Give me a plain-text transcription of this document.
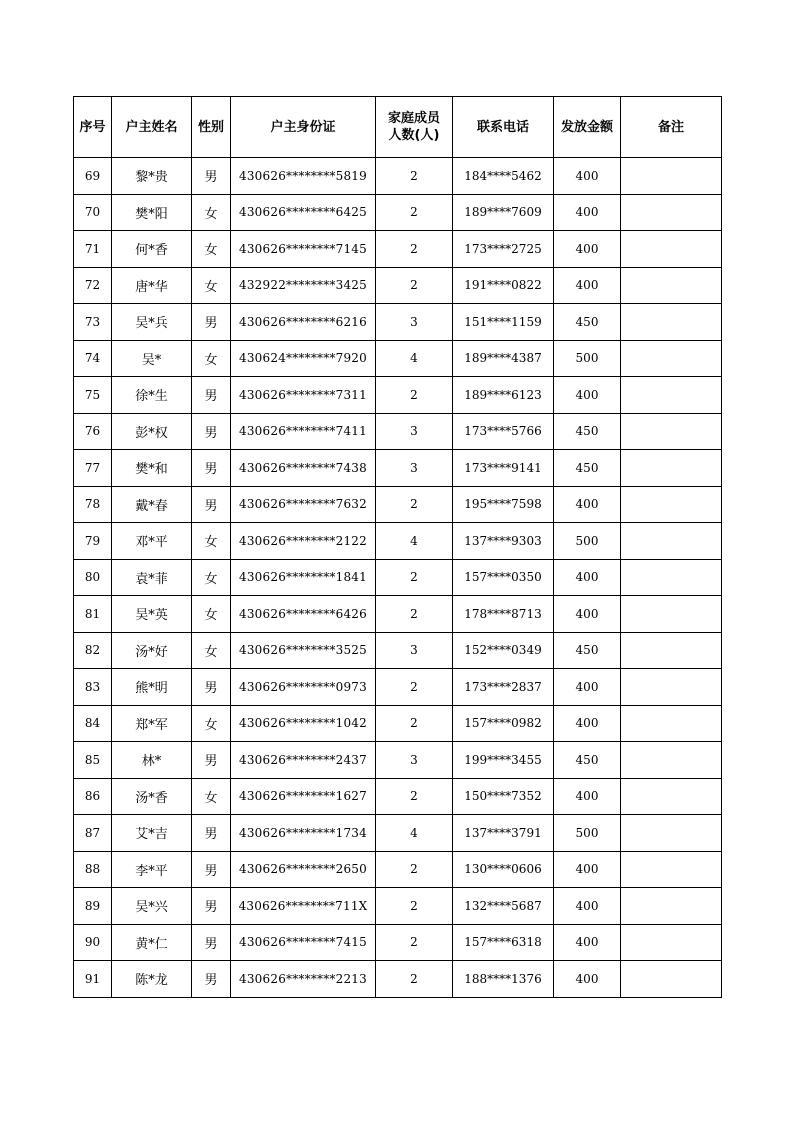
序号	户主姓名	性别	户主身份证	家庭成员人数(人)	联系电话	发放金额	备注
69	黎*贵	男	430626********5819	2	184****5462	400	
70	樊*阳	女	430626********6425	2	189****7609	400	
71	何*香	女	430626********7145	2	173****2725	400	
72	唐*华	女	432922********3425	2	191****0822	400	
73	吴*兵	男	430626********6216	3	151****1159	450	
74	吴*	女	430624********7920	4	189****4387	500	
75	徐*生	男	430626********7311	2	189****6123	400	
76	彭*权	男	430626********7411	3	173****5766	450	
77	樊*和	男	430626********7438	3	173****9141	450	
78	戴*春	男	430626********7632	2	195****7598	400	
79	邓*平	女	430626********2122	4	137****9303	500	
80	袁*菲	女	430626********1841	2	157****0350	400	
81	吴*英	女	430626********6426	2	178****8713	400	
82	汤*好	女	430626********3525	3	152****0349	450	
83	熊*明	男	430626********0973	2	173****2837	400	
84	郑*军	女	430626********1042	2	157****0982	400	
85	林*	男	430626********2437	3	199****3455	450	
86	汤*香	女	430626********1627	2	150****7352	400	
87	艾*吉	男	430626********1734	4	137****3791	500	
88	李*平	男	430626********2650	2	130****0606	400	
89	吴*兴	男	430626********711X	2	132****5687	400	
90	黄*仁	男	430626********7415	2	157****6318	400	
91	陈*龙	男	430626********2213	2	188****1376	400	
